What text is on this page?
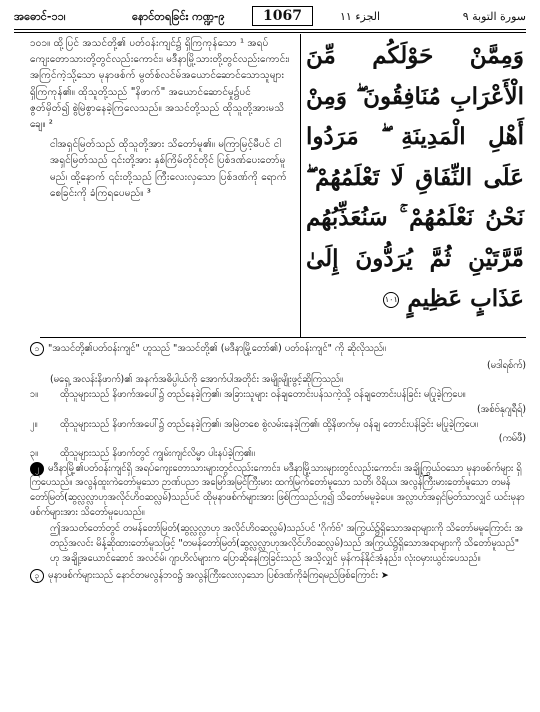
အဓောင်-၁၁၊	နောင်တရခြင်း ကဏ္ဍ-၉	1067	الجزء ١١	سورة التوبة ٩

၁၀၁။ ထို့ပြင် အသင်တို့၏ ပတ်ဝန်းကျင်၌ ရှိကြကုန်သော ¹ အရပ်ကျေးတောသားတို့တွင်လည်းကောင်း၊ မဒီနာမြို့သားတို့တွင်လည်းကောင်း၊ အကြင်ကဲ့သို့သော မုနာဖစ်က် မွတ်စ်လင်မ်အယောင်ဆောင်သောသူများ ရှိကြကုန်၏။ ထိုသူတို့သည် "နိဖာက်" အယောင်ဆောင်မှု၌ပင် ဇွတ်မှိတ်၍ စွဲမြဲစွာနေခဲ့ကြလေသည်။ အသင်တို့သည် ထိုသူတို့အားမသိချေ။ ²

ငါအရှင်မြတ်သည် ထိုသူတို့အား သိတော်မူ၏။ မကြာမြင့်မီပင် ငါအရှင်မြတ်သည် ၎င်းတို့အား နှစ်ကြိမ်တိုင်တိုင် ပြစ်ဒဏ်ပေးတော်မူမည်၊ ထို့နောက် ၎င်းတို့သည် ကြီးလေးလှသော ပြစ်ဒဏ်ကို ရောက်စေခြင်းကို ခံကြရပေမည်။ ³

وَمِمَّنْ حَوْلَكُم مِّنَ الْأَعْرَابِ مُنَافِقُونَ ۖ وَمِنْ أَهْلِ الْمَدِينَةِ ۖ مَرَدُوا عَلَى النِّفَاقِ لَا تَعْلَمُهُمْ ۖ نَحْنُ نَعْلَمُهُمْ ۚ سَنُعَذِّبُهُم مَّرَّتَيْنِ ثُمَّ يُرَدُّونَ إِلَىٰ عَذَابٍ عَظِيمٍ ١٠١
၁ "အသင်တို့၏ပတ်ဝန်းကျင်" ဟူသည် "အသင်တို့၏ (မဒီနာမြို့တော်၏) ပတ်ဝန်းကျင်" ကို ဆိုလိုသည်။
(မဒါရစ်က်)
(မရှေ့ အလန်းနိဖာက်)၏ အနက်အဓိပ္ပါယ်ကို အောက်ပါအတိုင်း အမျိုးမျိုးဖွင့်ဆိုကြသည်။
၁။	ထိုသူများသည် နိဖာက်အပေါ်၌ တည်နေခဲ့ကြ၏၊ အခြားသူများ ဝန်ချတောင်းပန်သကဲ့သို့ ဝန်ချတောင်းပန်ခြင်း မပြုခဲ့ကြပေ။
(အစ်ဗ်နုဂျရီရ်)
၂။	ထိုသူများသည် နိဖာက်အပေါ်၌ တည်နေခဲ့ကြ၏၊ အမြဲတစေ စွဲလမ်းနေခဲ့ကြ၏၊ ထို့နိဖာက်မှ ဝန်ချ တောင်းပန်ခြင်း မပြုခဲ့ကြပေ။
(ကမ်ဖီ)
၃။	ထိုသူများသည် နိဖာက်တွင် ကျွမ်းကျင်လိမ္မာ ပါးနပ်ခဲ့ကြ၏။
၂ မဒီနာမြို့၏ပတ်ဝန်းကျင်ရှိ အရပ်ကျေးတောသားများတွင်လည်းကောင်း၊ မဒီနာမြို့သားများတွင်လည်းကောင်း၊ အချို့ကြွယ်ဝသော မုနာဖစ်က်များ ရှိကြပေသည်။ အလွန်ထူးကဲတော်မူသော ဉာဏ်ပညာ အမြော်အမြင်ကြီးမား ထက်မြက်တော်မူသော သတိ၊ ဝိရိယ၊ အလွန်ကြီးမားတော်မူသော တမန်တော်မြတ်(ဆွလ္လလ္လာဟုအလိုင်ဟိဝဆလ္လမ်)သည်ပင် ထိုမုနာဖစ်က်များအား ဖြစ်ကြသည်ဟူ၍ သိတော်မမူခဲ့ပေ။ အလ္လာဟ်အရှင်မြတ်သာလျှင် ယင်းမုနာဖစ်က်များအား သိတော်မူပေသည်။
ဤအသတ်တော်တွင် တမန်တော်မြတ်(ဆွလ္လလ္လာဟု အလိုင်ဟိဝဆလ္လမ်)သည်ပင် 'ဂိုက်ဗ်' အကြွယ်၌ရှိသောအရာများကို သိတော်မမူကြောင်း အတည့်အလင်း မိန့်ဆိုထားတော်မူသဖြင့် "တမန်တော်မြတ်(ဆွလ္လလ္လာဟုအလိုင်ဟိဝဆလ္လမ်)သည် အကြွယ်၌ရှိသောအရာများကို သိတော်မူသည်" ဟု အချို့အယောင်ဆောင် အလင်မ်၊ ဂျာဟိလ်များက ပြောဆိုနေကြခြင်းသည် အသိ့လျှင် မှန်ကန်နိုင်အံ့နည်း၊ လုံးဝမှားယွင်းပေသည်။
၃ မုနာဖစ်က်များသည် နောင်တမလွန်ဘဝ၌ အလွန်ကြီးလေးလှသော ပြစ်ဒဏ်ကိုခံကြရမည်ဖြစ်ကြောင်း ➤
